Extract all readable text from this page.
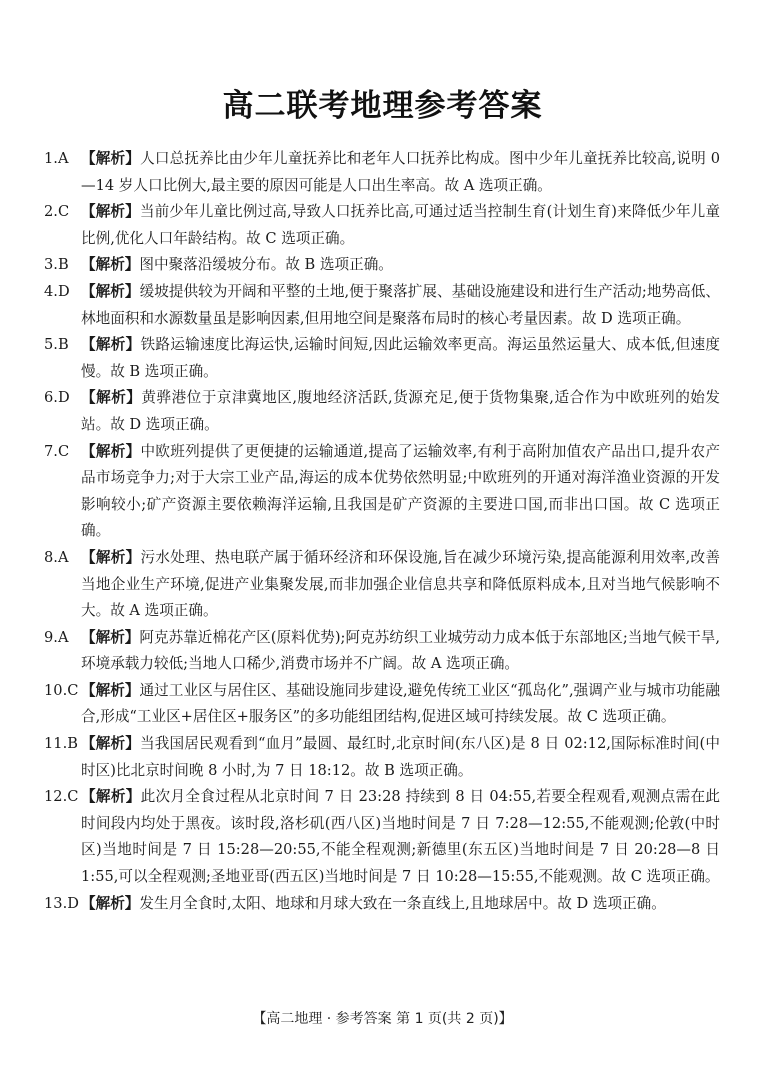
高二联考地理参考答案
1.A 【解析】人口总抚养比由少年儿童抚养比和老年人口抚养比构成。图中少年儿童抚养比较高,说明 0—14 岁人口比例大,最主要的原因可能是人口出生率高。故 A 选项正确。
2.C 【解析】当前少年儿童比例过高,导致人口抚养比高,可通过适当控制生育(计划生育)来降低少年儿童比例,优化人口年龄结构。故 C 选项正确。
3.B 【解析】图中聚落沿缓坡分布。故 B 选项正确。
4.D 【解析】缓坡提供较为开阔和平整的土地,便于聚落扩展、基础设施建设和进行生产活动;地势高低、林地面积和水源数量虽是影响因素,但用地空间是聚落布局时的核心考量因素。故 D 选项正确。
5.B 【解析】铁路运输速度比海运快,运输时间短,因此运输效率更高。海运虽然运量大、成本低,但速度慢。故 B 选项正确。
6.D 【解析】黄骅港位于京津冀地区,腹地经济活跃,货源充足,便于货物集聚,适合作为中欧班列的始发站。故 D 选项正确。
7.C 【解析】中欧班列提供了更便捷的运输通道,提高了运输效率,有利于高附加值农产品出口,提升农产品市场竞争力;对于大宗工业产品,海运的成本优势依然明显;中欧班列的开通对海洋渔业资源的开发影响较小;矿产资源主要依赖海洋运输,且我国是矿产资源的主要进口国,而非出口国。故 C 选项正确。
8.A 【解析】污水处理、热电联产属于循环经济和环保设施,旨在减少环境污染,提高能源利用效率,改善当地企业生产环境,促进产业集聚发展,而非加强企业信息共享和降低原料成本,且对当地气候影响不大。故 A 选项正确。
9.A 【解析】阿克苏靠近棉花产区(原料优势);阿克苏纺织工业城劳动力成本低于东部地区;当地气候干旱,环境承载力较低;当地人口稀少,消费市场并不广阔。故 A 选项正确。
10.C 【解析】通过工业区与居住区、基础设施同步建设,避免传统工业区“孤岛化”,强调产业与城市功能融合,形成“工业区+居住区+服务区”的多功能组团结构,促进区域可持续发展。故 C 选项正确。
11.B 【解析】当我国居民观看到“血月”最圆、最红时,北京时间(东八区)是 8 日 02:12,国际标准时间(中时区)比北京时间晚 8 小时,为 7 日 18:12。故 B 选项正确。
12.C 【解析】此次月全食过程从北京时间 7 日 23:28 持续到 8 日 04:55,若要全程观看,观测点需在此时间段内均处于黑夜。该时段,洛杉矶(西八区)当地时间是 7 日 7:28—12:55,不能观测;伦敦(中时区)当地时间是 7 日 15:28—20:55,不能全程观测;新德里(东五区)当地时间是 7 日 20:28—8 日 1:55,可以全程观测;圣地亚哥(西五区)当地时间是 7 日 10:28—15:55,不能观测。故 C 选项正确。
13.D 【解析】发生月全食时,太阳、地球和月球大致在一条直线上,且地球居中。故 D 选项正确。
【高二地理 · 参考答案 第 1 页(共 2 页)】
